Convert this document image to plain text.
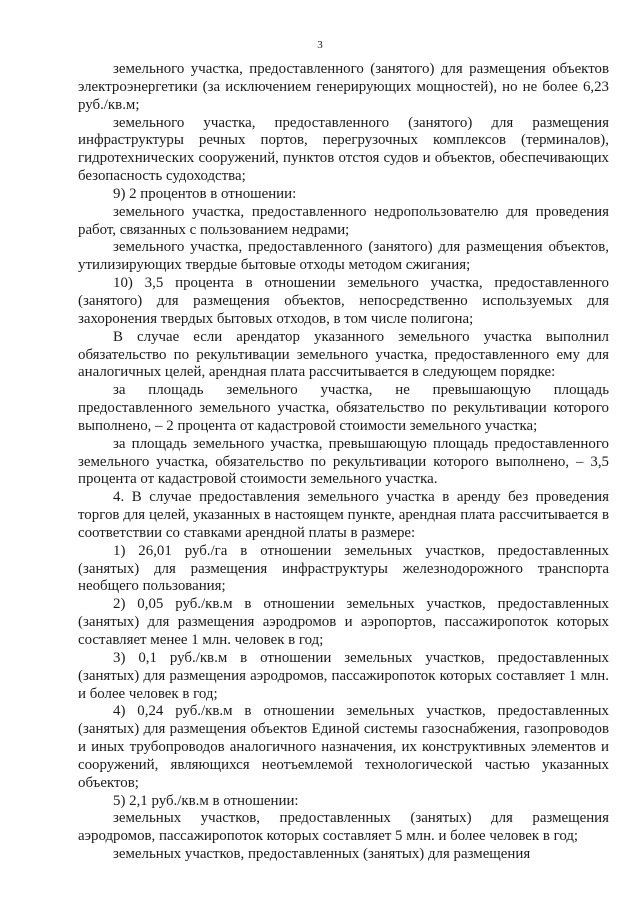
3

земельного участка, предоставленного (занятого) для размещения объектов электроэнергетики (за исключением генерирующих мощностей), но не более 6,23 руб./кв.м;

земельного участка, предоставленного (занятого) для размещения инфраструктуры речных портов, перегрузочных комплексов (терминалов), гидротехнических сооружений, пунктов отстоя судов и объектов, обеспечивающих безопасность судоходства;

9) 2 процентов в отношении:

земельного участка, предоставленного недропользователю для проведения работ, связанных с пользованием недрами;

земельного участка, предоставленного (занятого) для размещения объектов, утилизирующих твердые бытовые отходы методом сжигания;

10) 3,5 процента в отношении земельного участка, предоставленного (занятого) для размещения объектов, непосредственно используемых для захоронения твердых бытовых отходов, в том числе полигона;

В случае если арендатор указанного земельного участка выполнил обязательство по рекультивации земельного участка, предоставленного ему для аналогичных целей, арендная плата рассчитывается в следующем порядке:

за площадь земельного участка, не превышающую площадь предоставленного земельного участка, обязательство по рекультивации которого выполнено, – 2 процента от кадастровой стоимости земельного участка;

за площадь земельного участка, превышающую площадь предоставленного земельного участка, обязательство по рекультивации которого выполнено, – 3,5 процента от кадастровой стоимости земельного участка.

4. В случае предоставления земельного участка в аренду без проведения торгов для целей, указанных в настоящем пункте, арендная плата рассчитывается в соответствии со ставками арендной платы в размере:

1) 26,01 руб./га в отношении земельных участков, предоставленных (занятых) для размещения инфраструктуры железнодорожного транспорта необщего пользования;

2) 0,05 руб./кв.м в отношении земельных участков, предоставленных (занятых) для размещения аэродромов и аэропортов, пассажиропоток которых составляет менее 1 млн. человек в год;

3) 0,1 руб./кв.м в отношении земельных участков, предоставленных (занятых) для размещения аэродромов, пассажиропоток которых составляет 1 млн. и более человек в год;

4) 0,24 руб./кв.м в отношении земельных участков, предоставленных (занятых) для размещения объектов Единой системы газоснабжения, газопроводов и иных трубопроводов аналогичного назначения, их конструктивных элементов и сооружений, являющихся неотъемлемой технологической частью указанных объектов;

5) 2,1 руб./кв.м в отношении:

земельных участков, предоставленных (занятых) для размещения аэродромов, пассажиропоток которых составляет 5 млн. и более человек в год;

земельных участков, предоставленных (занятых) для размещения
